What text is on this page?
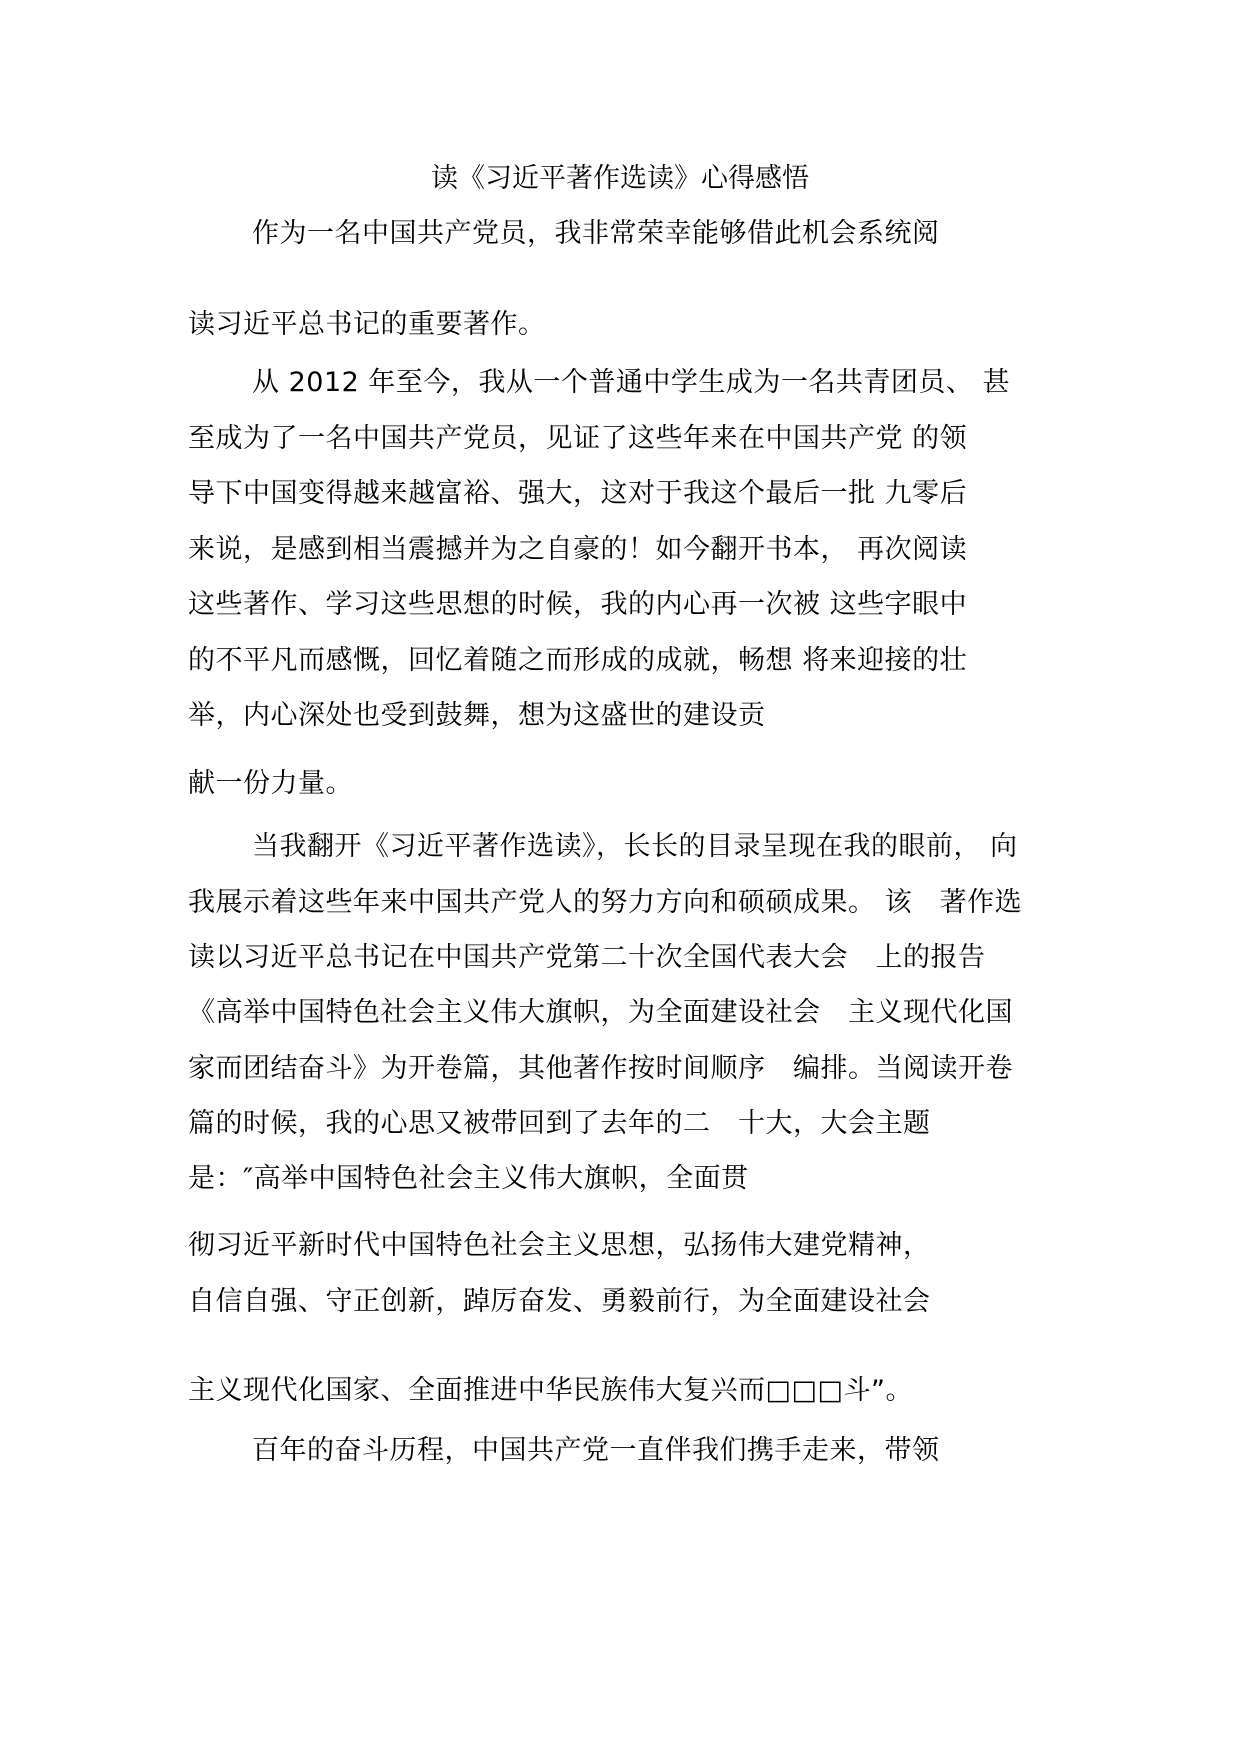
读《习近平著作选读》心得感悟
作为一名中国共产党员，我非常荣幸能够借此机会系统阅
读习近平总书记的重要著作。
从 2012 年至今，我从一个普通中学生成为一名共青团员、 甚
至成为了一名中国共产党员，见证了这些年来在中国共产党 的领
导下中国变得越来越富裕、强大，这对于我这个最后一批 九零后
来说，是感到相当震撼并为之自豪的！如今翻开书本， 再次阅读
这些著作、学习这些思想的时候，我的内心再一次被 这些字眼中
的不平凡而感慨，回忆着随之而形成的成就，畅想 将来迎接的壮
举，内心深处也受到鼓舞，想为这盛世的建设贡
献一份力量。
当我翻开《习近平著作选读》，长长的目录呈现在我的眼前， 向
我展示着这些年来中国共产党人的努力方向和硕硕成果。 该　著作选
读以习近平总书记在中国共产党第二十次全国代表大会　上的报告
《高举中国特色社会主义伟大旗帜，为全面建设社会　主义现代化国
家而团结奋斗》为开卷篇，其他著作按时间顺序　编排。当阅读开卷
篇的时候，我的心思又被带回到了去年的二　十大，大会主题
是：″高举中国特色社会主义伟大旗帜，全面贯
彻习近平新时代中国特色社会主义思想，弘扬伟大建党精神，
自信自强、守正创新，踔厉奋发、勇毅前行，为全面建设社会
主义现代化国家、全面推进中华民族伟大复兴而□□□斗”。
百年的奋斗历程，中国共产党一直伴我们携手走来，带领
